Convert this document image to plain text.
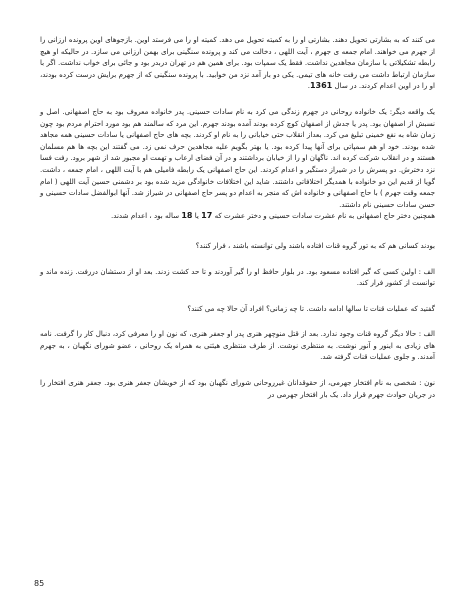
می کنند که به بشارتی تحویل دهند. بشارتی او را به کمیته تحویل می دهد. کمیته او را می فرستد اوین. بازجوهای اوین پرونده ارزانی را از جهرم می خواهند. امام جمعه ی جهرم ، آیت اللهی ، دخالت می کند و پرونده سنگینی برای بهمن ارزانی می سازد. در حالیکه او هیچ رابطه تشکیلاتی با سازمان مجاهدین نداشت. فقط یک سمپات بود. برای همین هم در تهران دربدر بود و جائی برای خواب نداشت. اگر با سازمان ارتباط داشت می رفت خانه های تیمی. یکی دو بار آمد نزد من خوابید. با پرونده سنگینی که از جهرم برایش درست کرده بودند، او را در اوین اعدام کردند. در سال 1361.

یک واقعه دیگر: یک خانواده روحانی در جهرم زندگی می کرد به نام سادات حسینی. پدر خانواده معروف بود به حاج اصفهانی. اصل و نسبش از اصفهان بود. پدر یا جدش از اصفهان کوچ کرده بودند آمده بودند جهرم. این مرد که سالمند هم بود مورد احترام مردم بود چون زمان شاه به نفع خمینی تبلیغ می کرد. بعداز انقلاب حتی خیابانی را به نام او کردند. بچه های حاج اصفهانی یا سادات حسینی همه مجاهد شده بودند. خود او هم سمپاتی برای آنها پیدا کرده بود. یا بهتر بگویم علیه مجاهدین حرف نمی زد. می گفتند این بچه ها هم مسلمان هستند و در انقلاب شرکت کرده اند. ناگهان او را از خیابان برداشتند و در آن فضای ارعاب و تهمت او مجبور شد از شهر برود. رفت فسا نزد دخترش. دو پسرش را در شیراز دستگیر و اعدام کردند. این حاج اصفهانی یک رابطه فامیلی هم با آیت اللهی ، امام جمعه ، داشت. گویا از قدیم این دو خانواده با همدیگر اختلافاتی داشتند. شاید این اختلافات خانوادگی مزید شده بود بر دشمنی حسین آیت اللهی ( امام جمعه وقت جهرم ) با حاج اصفهانی و خانواده اش که منجر به اعدام دو پسر حاج اصفهانی در شیراز شد. آنها ابوالفضل سادات حسینی و حسن سادات حسینی نام داشتند.
همچنین دختر حاج اصفهانی به نام عشرت سادات حسینی و دختر عشرت که 17 یا 18 ساله بود ، اعدام شدند.

بودند کسانی هم که به تور گروه قنات افتاده باشند ولی توانسته باشند ، فرار کنند؟

الف : اولین کسی که گیر افتاده مسعود بود. در بلوار حافظ او را گیر آوردند و تا حد کشت زدند. بعد او از دستشان دررفت. زنده ماند و توانست از کشور فرار کند.

گفتید که عملیات قنات تا سالها ادامه داشت. تا چه زمانی؟ افراد آن حالا چه می کنند؟

الف : حالا دیگر گروه قنات وجود ندارد. بعد از قتل منوچهر هنری پدر او جعفر هنری، که نون او را معرفی کرد، دنبال کار را گرفت. نامه های زیادی به اینور و آنور نوشت. به منتظری نوشت. از طرف منتظری هیئتی به همراه یک روحانی ، عضو شورای نگهبان ، به جهرم آمدند. و جلوی عملیات قنات گرفته شد.

نون : شخصی به نام افتخار جهرمی، از حقوقدانان غیرروحانی شورای نگهبان بود که از خویشان جعفر هنری بود. جعفر هنری افتخار را در جریان حوادث جهرم قرار داد. یک بار افتخار جهرمی در

85
